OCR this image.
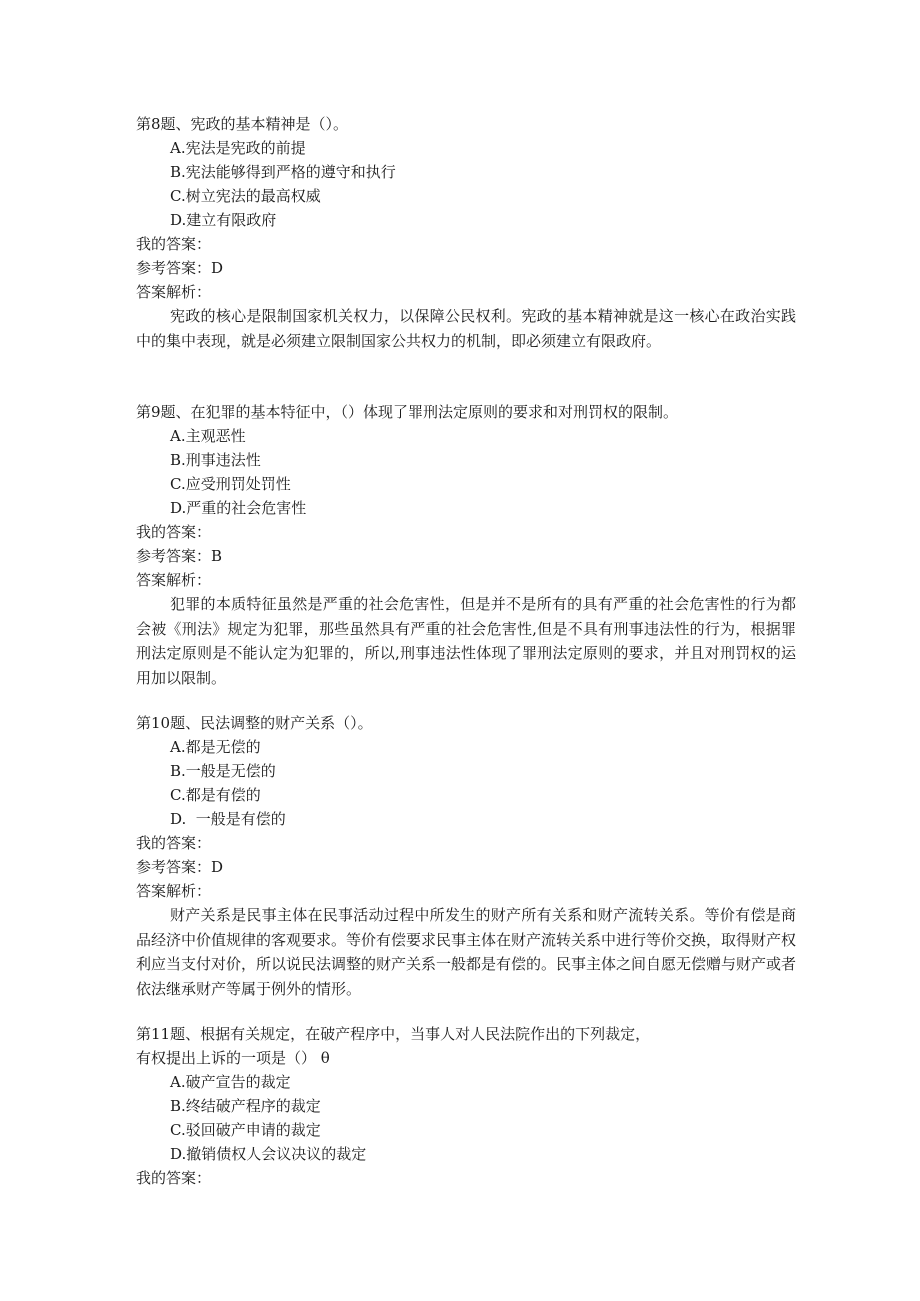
第8题、宪政的基本精神是（）。
A.宪法是宪政的前提
B.宪法能够得到严格的遵守和执行
C.树立宪法的最高权威
D.建立有限政府
我的答案：
参考答案：D
答案解析：

宪政的核心是限制国家机关权力，以保障公民权利。宪政的基本精神就是这一核心在政治实践中的集中表现，就是必须建立限制国家公共权力的机制，即必须建立有限政府。

第9题、在犯罪的基本特征中，（）体现了罪刑法定原则的要求和对刑罚权的限制。
A.主观恶性
B.刑事违法性
C.应受刑罚处罚性
D.严重的社会危害性
我的答案：
参考答案：B
答案解析：

犯罪的本质特征虽然是严重的社会危害性，但是并不是所有的具有严重的社会危害性的行为都会被《刑法》规定为犯罪，那些虽然具有严重的社会危害性,但是不具有刑事违法性的行为，根据罪刑法定原则是不能认定为犯罪的，所以,刑事违法性体现了罪刑法定原则的要求，并且对刑罚权的运用加以限制。

第10题、民法调整的财产关系（）。
A.都是无偿的
B.一般是无偿的
C.都是有偿的
D.  一般是有偿的
我的答案：
参考答案：D
答案解析：

财产关系是民事主体在民事活动过程中所发生的财产所有关系和财产流转关系。等价有偿是商品经济中价值规律的客观要求。等价有偿要求民事主体在财产流转关系中进行等价交换，取得财产权利应当支付对价，所以说民法调整的财产关系一般都是有偿的。民事主体之间自愿无偿赠与财产或者依法继承财产等属于例外的情形。

第11题、根据有关规定，在破产程序中，当事人对人民法院作出的下列裁定，
有权提出上诉的一项是（） θ
A.破产宣告的裁定
B.终结破产程序的裁定
C.驳回破产申请的裁定
D.撤销债权人会议决议的裁定
我的答案：
